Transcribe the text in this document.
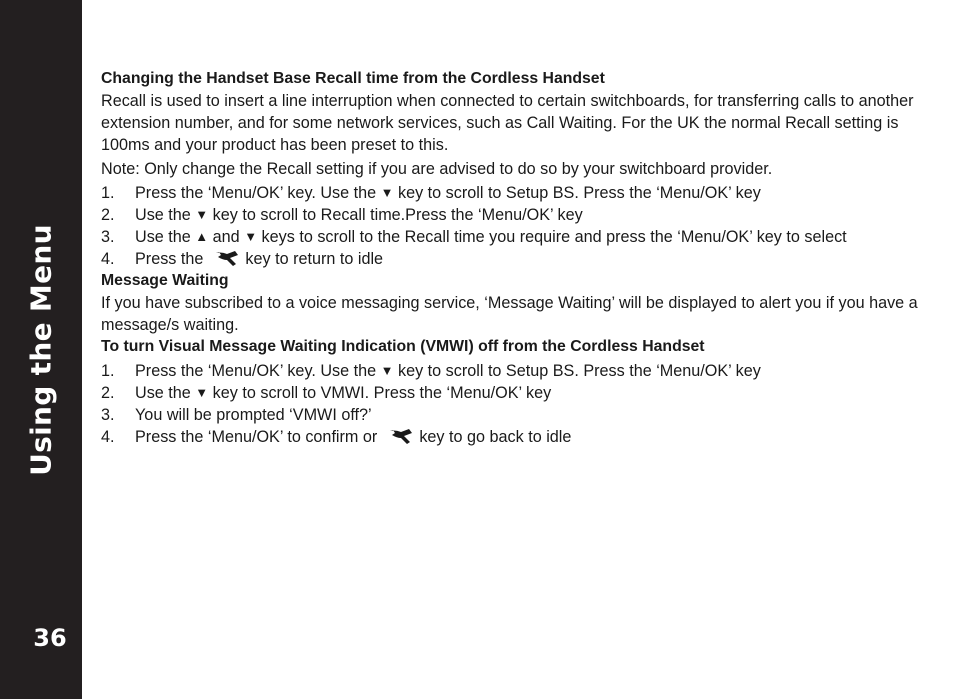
Using the Menu
36

Changing the Handset Base Recall time from the Cordless Handset

Recall is used to insert a line interruption when connected to certain switchboards, for transferring calls to another extension number, and for some network services, such as Call Waiting. For the UK the normal Recall setting is 100ms and your product has been preset to this.

Note: Only change the Recall setting if you are advised to do so by your switchboard provider.

1.	Press the ‘Menu/OK’ key. Use the ▼ key to scroll to Setup BS. Press the ‘Menu/OK’ key
2.	Use the ▼ key to scroll to Recall time.Press the ‘Menu/OK’ key
3.	Use the ▲ and ▼ keys to scroll to the Recall time you require and press the ‘Menu/OK’ key to select
4.	Press the	key to return to idle

Message Waiting

If you have subscribed to a voice messaging service, ‘Message Waiting’ will be displayed to alert you if you have a message/s waiting.

To turn Visual Message Waiting Indication (VMWI) off from the Cordless Handset

1.	Press the ‘Menu/OK’ key. Use the ▼ key to scroll to Setup BS. Press the ‘Menu/OK’ key
2.	Use the ▼ key to scroll to VMWI. Press the ‘Menu/OK’ key
3.	You will be prompted ‘VMWI off?’
4.	Press the ‘Menu/OK’ to confirm or	key to go back to idle
